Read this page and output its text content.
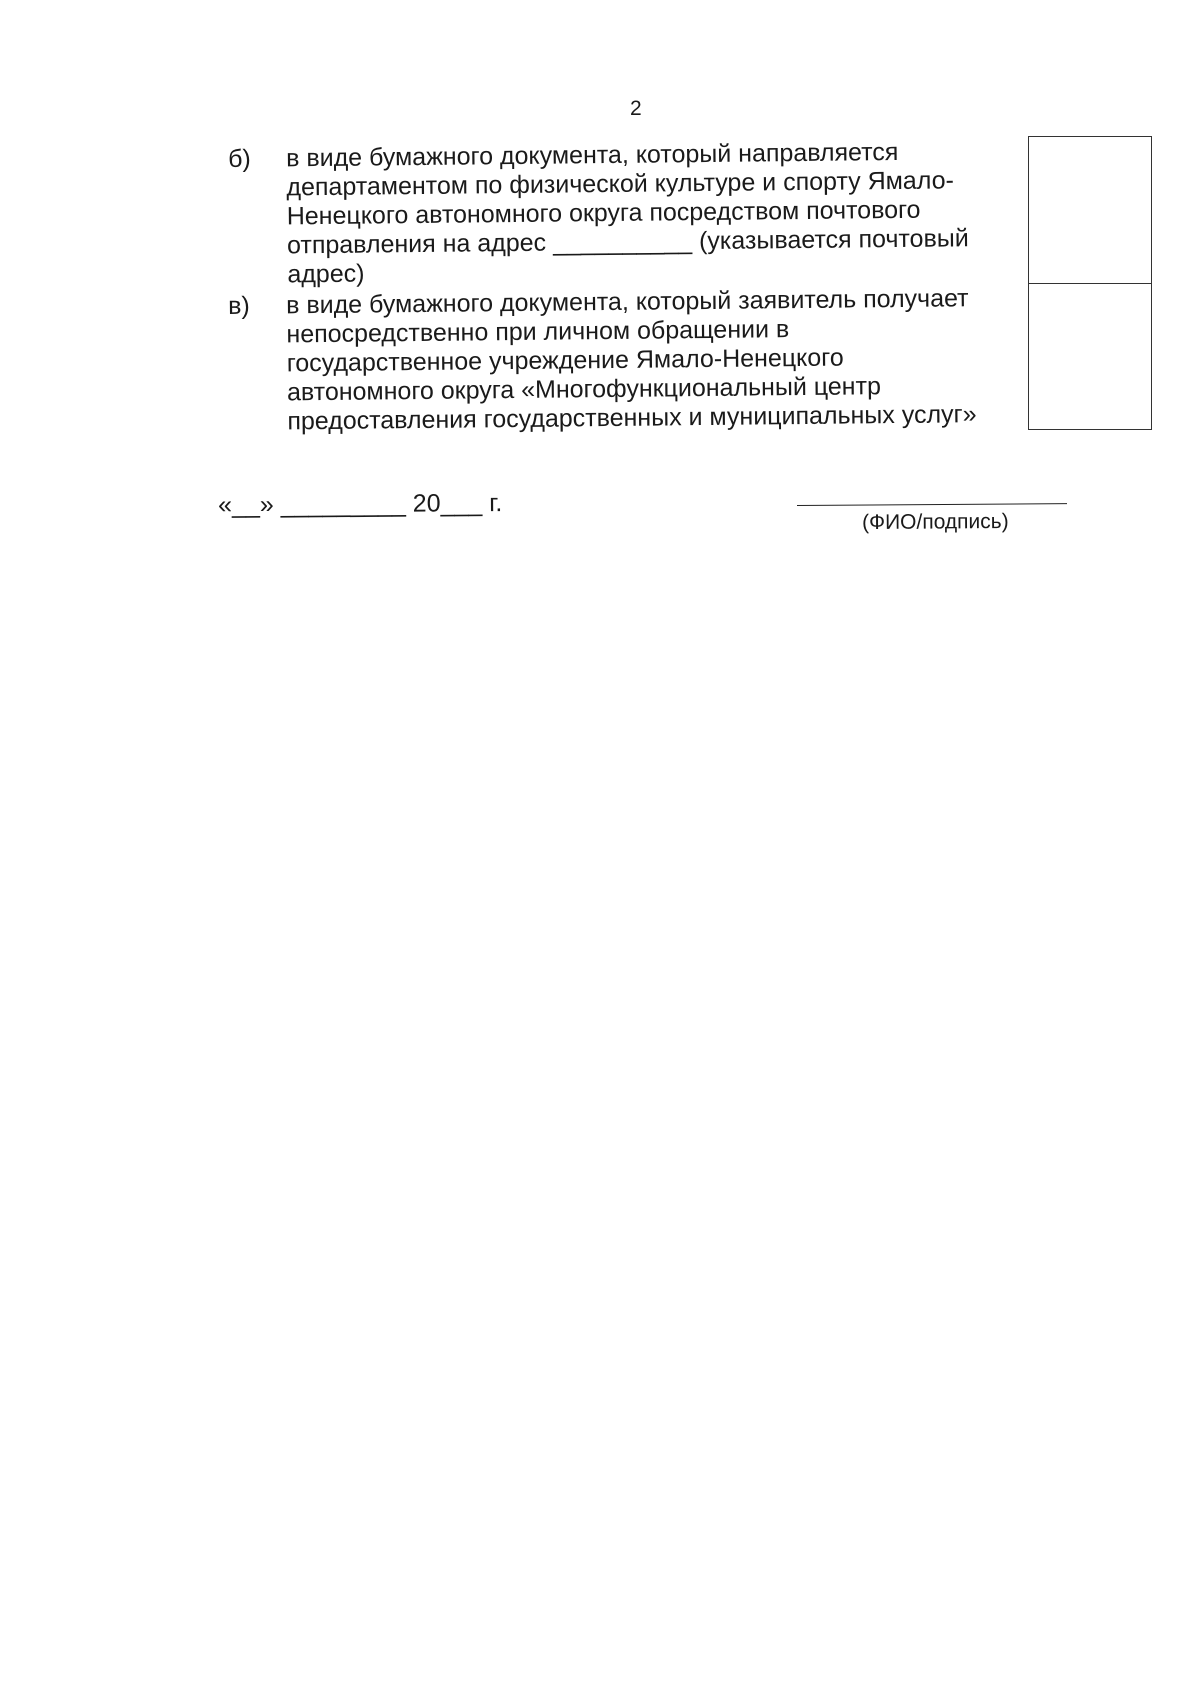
2
б)	в виде бумажного документа, который направляется
департаментом по физической культуре и спорту Ямало-
Ненецкого автономного округа посредством почтового
отправления на адрес __________ (указывается почтовый
адрес)
в)	в виде бумажного документа, который заявитель получает
непосредственно при личном обращении в
государственное учреждение Ямало-Ненецкого
автономного округа «Многофункциональный центр
предоставления государственных и муниципальных услуг»
«__» _________ 20___ г.
(ФИО/подпись)
